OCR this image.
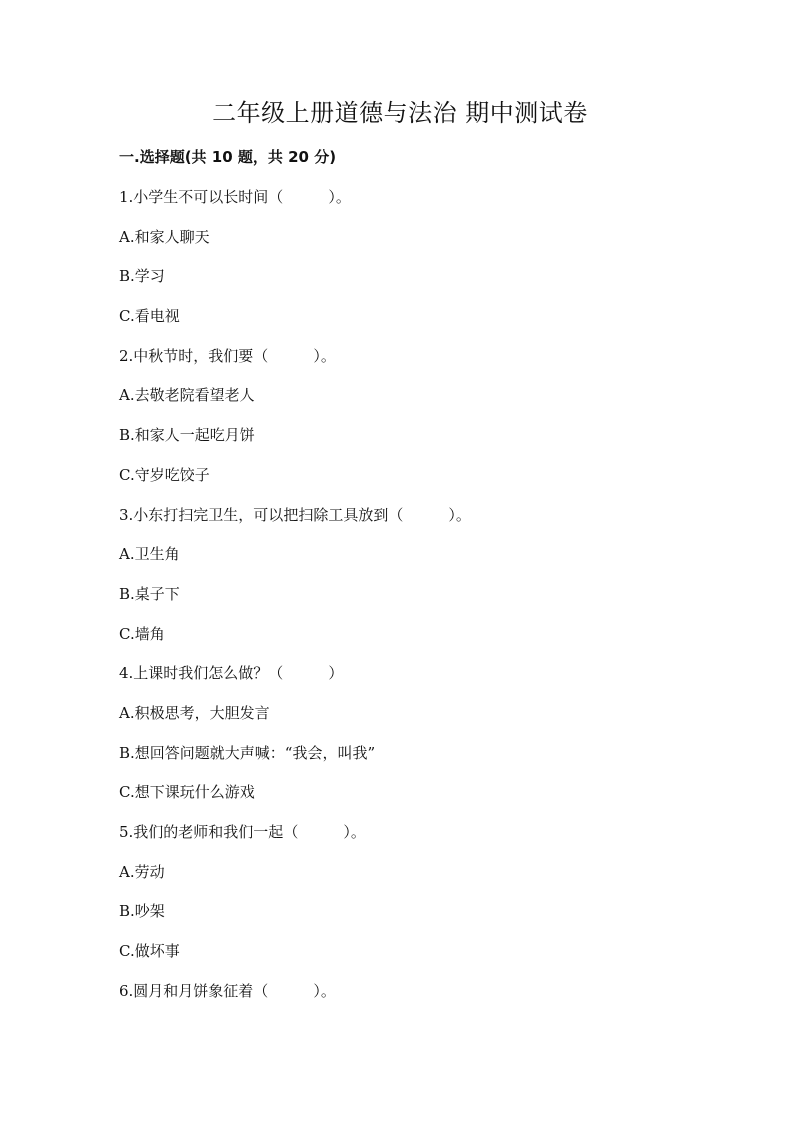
二年级上册道德与法治 期中测试卷
一.选择题(共 10 题，共 20 分)
1.小学生不可以长时间（　　　）。
A.和家人聊天
B.学习
C.看电视
2.中秋节时，我们要（　　　）。
A.去敬老院看望老人
B.和家人一起吃月饼
C.守岁吃饺子
3.小东打扫完卫生，可以把扫除工具放到（　　　）。
A.卫生角
B.桌子下
C.墙角
4.上课时我们怎么做？（　　　）
A.积极思考，大胆发言
B.想回答问题就大声喊：“我会，叫我”
C.想下课玩什么游戏
5.我们的老师和我们一起（　　　）。
A.劳动
B.吵架
C.做坏事
6.圆月和月饼象征着（　　　）。
